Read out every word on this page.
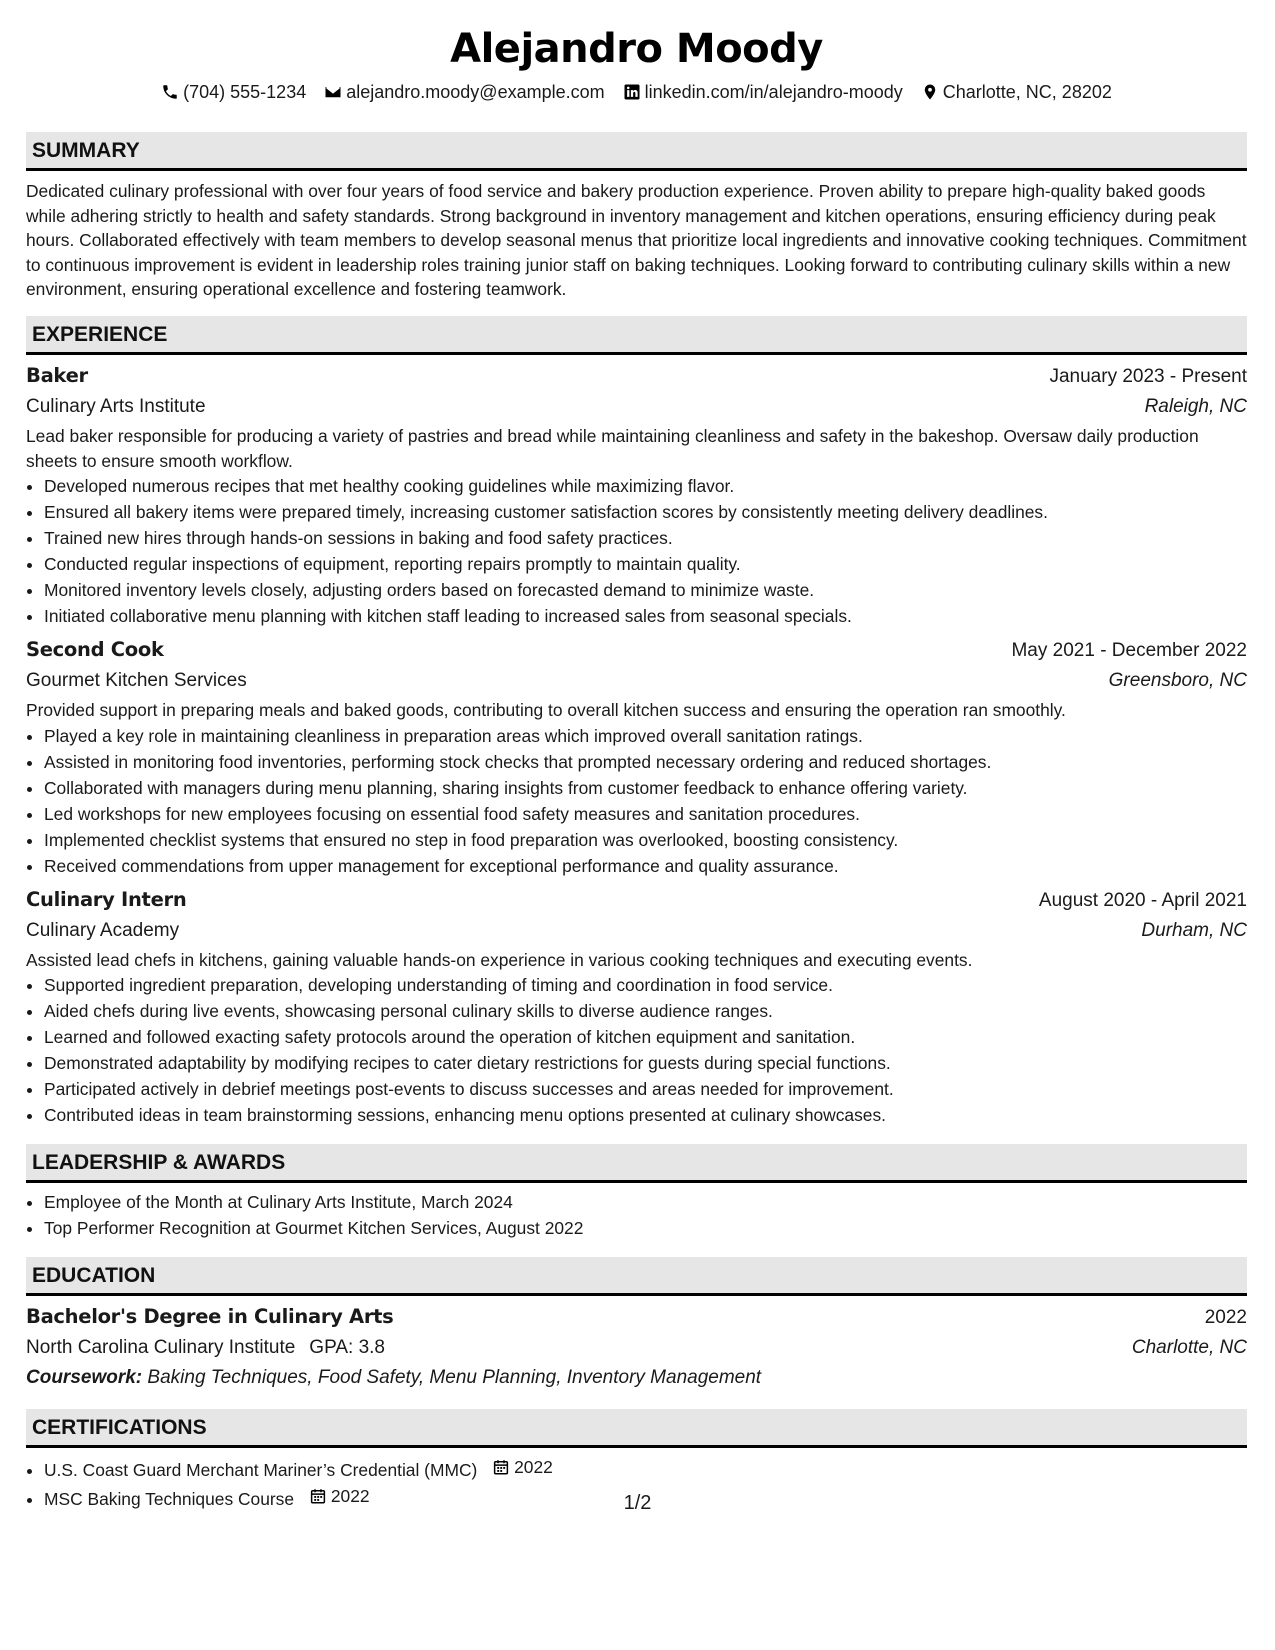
Alejandro Moody
(704) 555-1234 alejandro.moody@example.com linkedin.com/in/alejandro-moody Charlotte, NC, 28202
SUMMARY
Dedicated culinary professional with over four years of food service and bakery production experience. Proven ability to prepare high-quality baked goods while adhering strictly to health and safety standards. Strong background in inventory management and kitchen operations, ensuring efficiency during peak hours. Collaborated effectively with team members to develop seasonal menus that prioritize local ingredients and innovative cooking techniques. Commitment to continuous improvement is evident in leadership roles training junior staff on baking techniques. Looking forward to contributing culinary skills within a new environment, ensuring operational excellence and fostering teamwork.
EXPERIENCE
Baker	January 2023 - Present
Culinary Arts Institute	Raleigh, NC
Lead baker responsible for producing a variety of pastries and bread while maintaining cleanliness and safety in the bakeshop. Oversaw daily production sheets to ensure smooth workflow.
• Developed numerous recipes that met healthy cooking guidelines while maximizing flavor.
• Ensured all bakery items were prepared timely, increasing customer satisfaction scores by consistently meeting delivery deadlines.
• Trained new hires through hands-on sessions in baking and food safety practices.
• Conducted regular inspections of equipment, reporting repairs promptly to maintain quality.
• Monitored inventory levels closely, adjusting orders based on forecasted demand to minimize waste.
• Initiated collaborative menu planning with kitchen staff leading to increased sales from seasonal specials.
Second Cook	May 2021 - December 2022
Gourmet Kitchen Services	Greensboro, NC
Provided support in preparing meals and baked goods, contributing to overall kitchen success and ensuring the operation ran smoothly.
• Played a key role in maintaining cleanliness in preparation areas which improved overall sanitation ratings.
• Assisted in monitoring food inventories, performing stock checks that prompted necessary ordering and reduced shortages.
• Collaborated with managers during menu planning, sharing insights from customer feedback to enhance offering variety.
• Led workshops for new employees focusing on essential food safety measures and sanitation procedures.
• Implemented checklist systems that ensured no step in food preparation was overlooked, boosting consistency.
• Received commendations from upper management for exceptional performance and quality assurance.
Culinary Intern	August 2020 - April 2021
Culinary Academy	Durham, NC
Assisted lead chefs in kitchens, gaining valuable hands-on experience in various cooking techniques and executing events.
• Supported ingredient preparation, developing understanding of timing and coordination in food service.
• Aided chefs during live events, showcasing personal culinary skills to diverse audience ranges.
• Learned and followed exacting safety protocols around the operation of kitchen equipment and sanitation.
• Demonstrated adaptability by modifying recipes to cater dietary restrictions for guests during special functions.
• Participated actively in debrief meetings post-events to discuss successes and areas needed for improvement.
• Contributed ideas in team brainstorming sessions, enhancing menu options presented at culinary showcases.
LEADERSHIP & AWARDS
• Employee of the Month at Culinary Arts Institute, March 2024
• Top Performer Recognition at Gourmet Kitchen Services, August 2022
EDUCATION
Bachelor's Degree in Culinary Arts	2022
North Carolina Culinary Institute GPA: 3.8	Charlotte, NC
Coursework: Baking Techniques, Food Safety, Menu Planning, Inventory Management
CERTIFICATIONS
• U.S. Coast Guard Merchant Mariner’s Credential (MMC) 2022
• MSC Baking Techniques Course 2022	1/2
